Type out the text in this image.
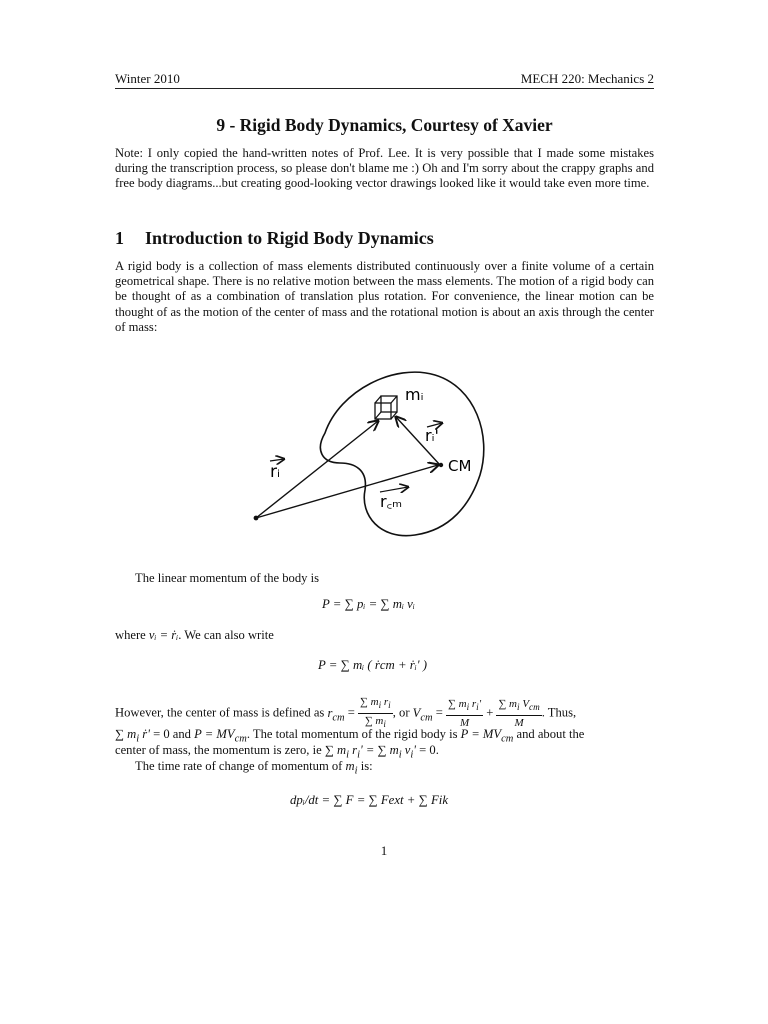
Winter 2010	MECH 220: Mechanics 2
9 - Rigid Body Dynamics, Courtesy of Xavier
Note: I only copied the hand-written notes of Prof. Lee. It is very possible that I made some mistakes during the transcription process, so please don't blame me :) Oh and I'm sorry about the crappy graphs and free body diagrams...but creating good-looking vector drawings looked like it would take even more time.
1 Introduction to Rigid Body Dynamics
A rigid body is a collection of mass elements distributed continuously over a finite volume of a certain geometrical shape. There is no relative motion between the mass elements. The motion of a rigid body can be thought of as a combination of translation plus rotation. For convenience, the linear motion can be thought of as the motion of the center of mass and the rotational motion is about an axis through the center of mass:
mᵢ
rᵢ'
rᵢ	CM
r꜀ₘ
The linear momentum of the body is
P = ∑ pᵢ = ∑ mᵢ vᵢ
where vᵢ = ṙᵢ. We can also write
P = ∑ mᵢ ( ṙcm + ṙᵢ' )
However, the center of mass is defined as $r_{cm} = \frac{\sum m_i r_i}{\sum m_i}$ , or $V_{cm} = \frac{\sum m_i r_i'}{M} + \frac{\sum m_i V_{cm}}{M}$ . Thus,
∑ $m_i$ ṙ' = 0 and $P = MV_{cm}$. The total momentum of the rigid body is $P = MV_{cm}$ and about the
center of mass, the momentum is zero, ie ∑ $m_i$ $r_i'$ = ∑ $m_i$ $v_i' = 0$.
The time rate of change of momentum of $m_i$ is:
dpᵢ/dt = ∑ F = ∑ Fext + ∑ Fik
1
